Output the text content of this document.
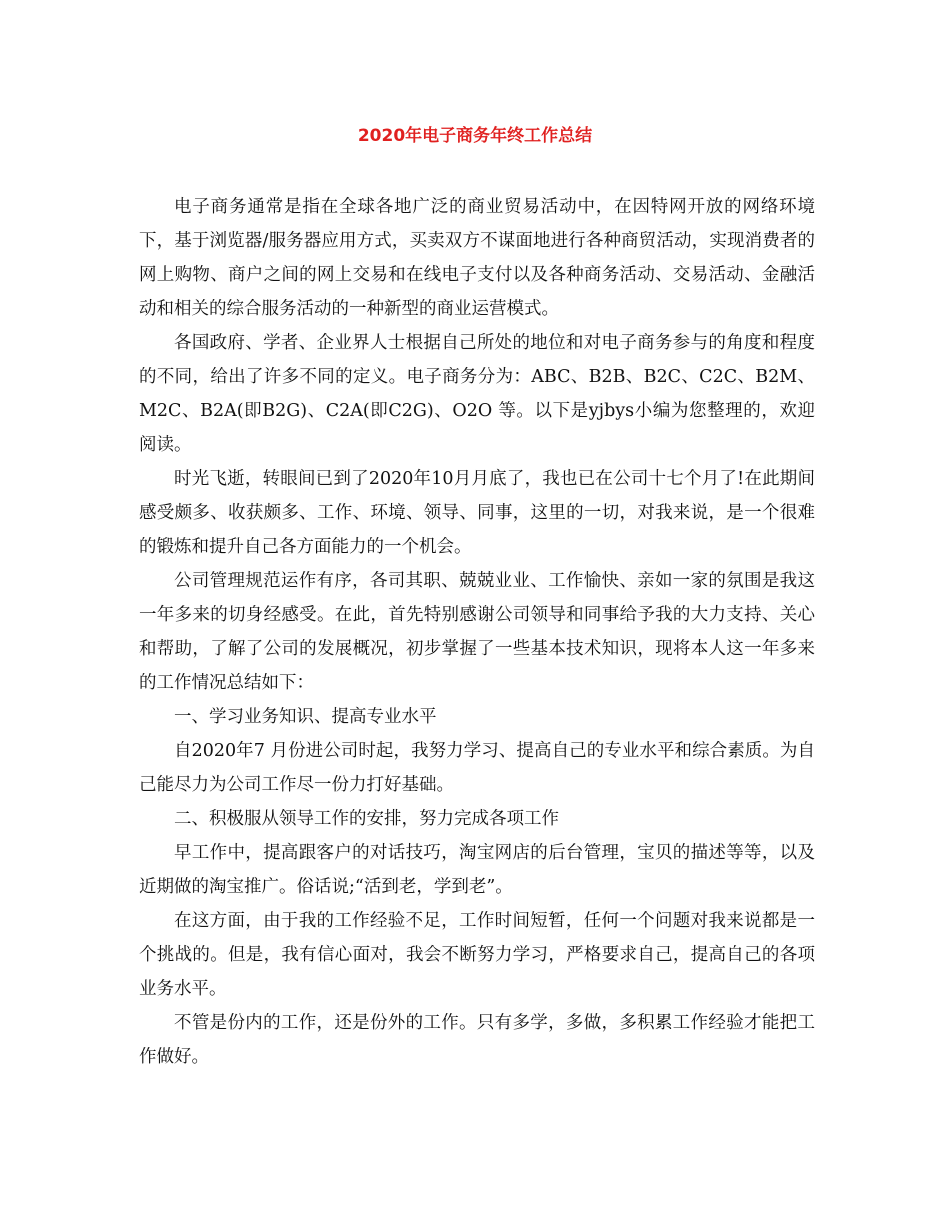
2020年电子商务年终工作总结

电子商务通常是指在全球各地广泛的商业贸易活动中，在因特网开放的网络环境下，基于浏览器/服务器应用方式，买卖双方不谋面地进行各种商贸活动，实现消费者的网上购物、商户之间的网上交易和在线电子支付以及各种商务活动、交易活动、金融活动和相关的综合服务活动的一种新型的商业运营模式。

各国政府、学者、企业界人士根据自己所处的地位和对电子商务参与的角度和程度的不同，给出了许多不同的定义。电子商务分为：ABC、B2B、B2C、C2C、B2M、M2C、B2A(即B2G)、C2A(即C2G)、O2O 等。以下是yjbys小编为您整理的，欢迎阅读。

时光飞逝，转眼间已到了2020年10月月底了，我也已在公司十七个月了!在此期间感受颇多、收获颇多、工作、环境、领导、同事，这里的一切，对我来说，是一个很难的锻炼和提升自己各方面能力的一个机会。

公司管理规范运作有序，各司其职、兢兢业业、工作愉快、亲如一家的氛围是我这一年多来的切身经感受。在此，首先特别感谢公司领导和同事给予我的大力支持、关心和帮助，了解了公司的发展概况，初步掌握了一些基本技术知识，现将本人这一年多来的工作情况总结如下：

一、学习业务知识、提高专业水平

自2020年7 月份进公司时起，我努力学习、提高自己的专业水平和综合素质。为自己能尽力为公司工作尽一份力打好基础。

二、积极服从领导工作的安排，努力完成各项工作

早工作中，提高跟客户的对话技巧，淘宝网店的后台管理，宝贝的描述等等，以及近期做的淘宝推广。俗话说;“活到老，学到老”。

在这方面，由于我的工作经验不足，工作时间短暂，任何一个问题对我来说都是一个挑战的。但是，我有信心面对，我会不断努力学习，严格要求自己，提高自己的各项业务水平。

不管是份内的工作，还是份外的工作。只有多学，多做，多积累工作经验才能把工作做好。
